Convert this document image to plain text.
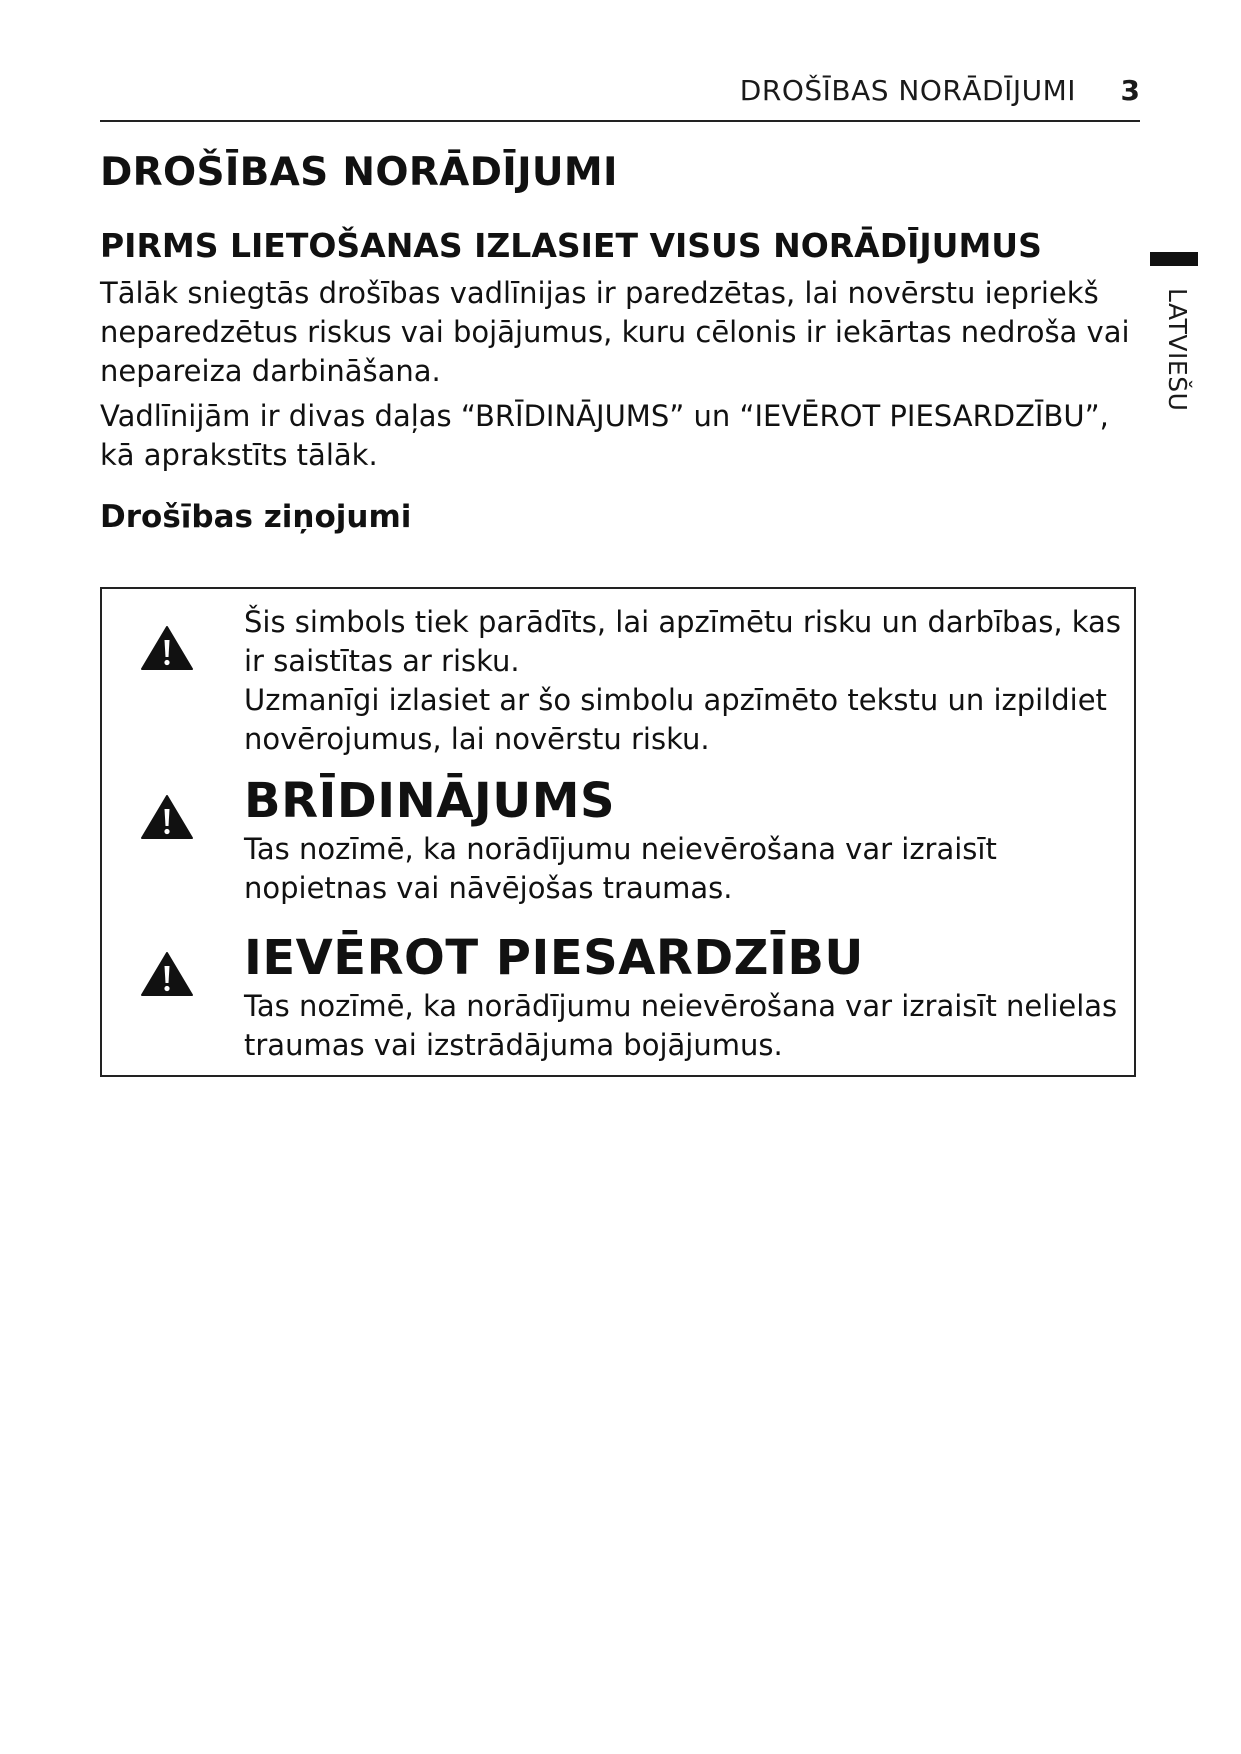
DROŠĪBAS NORĀDĪJUMI 3
LATVIEŠU
DROŠĪBAS NORĀDĪJUMI
PIRMS LIETOŠANAS IZLASIET VISUS NORĀDĪJUMUS

Tālāk sniegtās drošības vadlīnijas ir paredzētas, lai novērstu iepriekš neparedzētus riskus vai bojājumus, kuru cēlonis ir iekārtas nedroša vai nepareiza darbināšana.

Vadlīnijām ir divas daļas “BRĪDINĀJUMS” un “IEVĒROT PIESARDZĪBU”, kā aprakstīts tālāk.

Drošības ziņojumi

Šis simbols tiek parādīts, lai apzīmētu risku un darbības, kas ir saistītas ar risku.

Uzmanīgi izlasiet ar šo simbolu apzīmēto tekstu un izpildiet novērojumus, lai novērstu risku.

BRĪDINĀJUMS

Tas nozīmē, ka norādījumu neievērošana var izraisīt nopietnas vai nāvējošas traumas.

IEVĒROT PIESARDZĪBU

Tas nozīmē, ka norādījumu neievērošana var izraisīt nelielas traumas vai izstrādājuma bojājumus.
